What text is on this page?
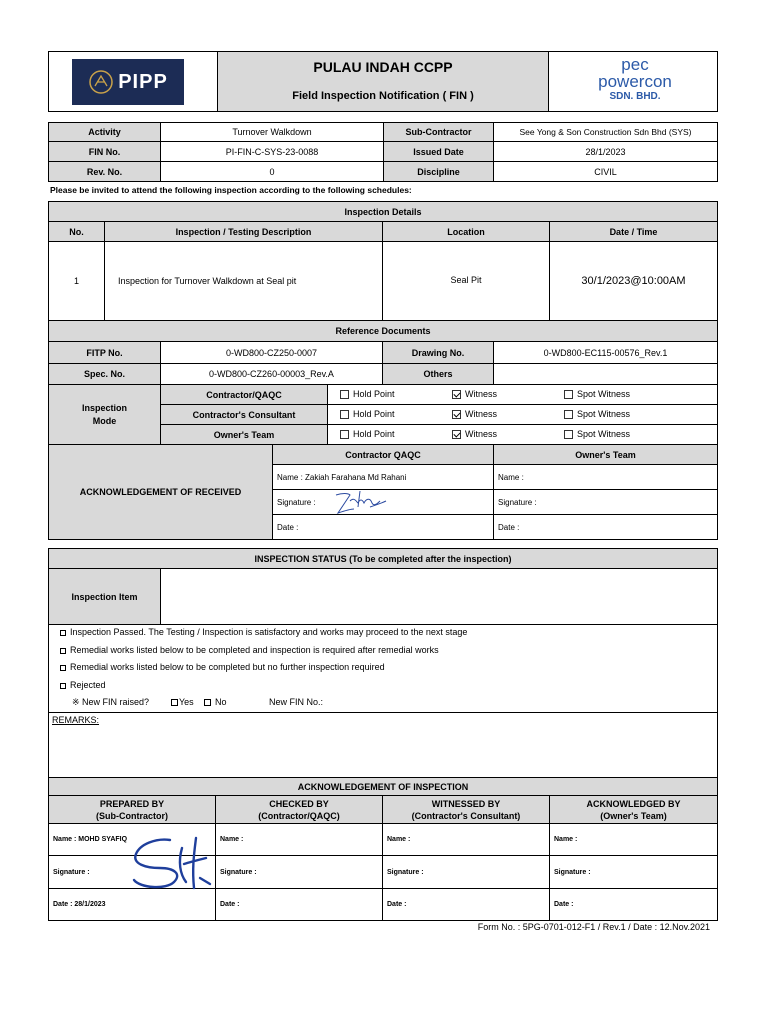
PIPP
PULAU INDAH CCPP
Field Inspection Notification ( FIN )
pec
powercon
SDN. BHD.
Activity	Turnover Walkdown	Sub-Contractor	See Yong & Son Construction Sdn Bhd (SYS)
FIN No.	PI-FIN-C-SYS-23-0088	Issued Date	28/1/2023
Rev. No.	0	Discipline	CIVIL
Please be invited to attend the following inspection according to the following schedules:
Inspection Details
No.	Inspection / Testing Description	Location	Date / Time
1	Inspection for Turnover Walkdown at Seal pit	Seal Pit	30/1/2023@10:00AM
Reference Documents
FITP No.	0-WD800-CZ250-0007	Drawing No.	0-WD800-EC115-00576_Rev.1
Spec. No.	0-WD800-CZ260-00003_Rev.A	Others
Inspection
Mode
Contractor/QAQC	Hold Point	Witness	Spot Witness
Contractor's Consultant	Hold Point	Witness	Spot Witness
Owner's Team	Hold Point	Witness	Spot Witness
ACKNOWLEDGEMENT OF RECEIVED
Contractor QAQC	Owner's Team
Name : Zakiah Farahana Md Rahani	Name :
Signature :	Signature :
Date :	Date :
INSPECTION STATUS (To be completed after the inspection)
Inspection Item
Inspection Passed. The Testing / Inspection is satisfactory and works may proceed to the next stage
Remedial works listed below to be completed and inspection is required after remedial works
Remedial works listed below to be completed but no further inspection required
Rejected
※ New FIN raised?	Yes	No	New FIN No.:
REMARKS:
ACKNOWLEDGEMENT OF INSPECTION
PREPARED BY
(Sub-Contractor)
CHECKED BY
(Contractor/QAQC)
WITNESSED BY
(Contractor's Consultant)
ACKNOWLEDGED BY
(Owner's Team)
Name : MOHD SYAFIQ	Name :	Name :	Name :
Signature :	Signature :	Signature :	Signature :
Date : 28/1/2023	Date :	Date :	Date :
Form No. : 5PG-0701-012-F1 / Rev.1 / Date : 12.Nov.2021
